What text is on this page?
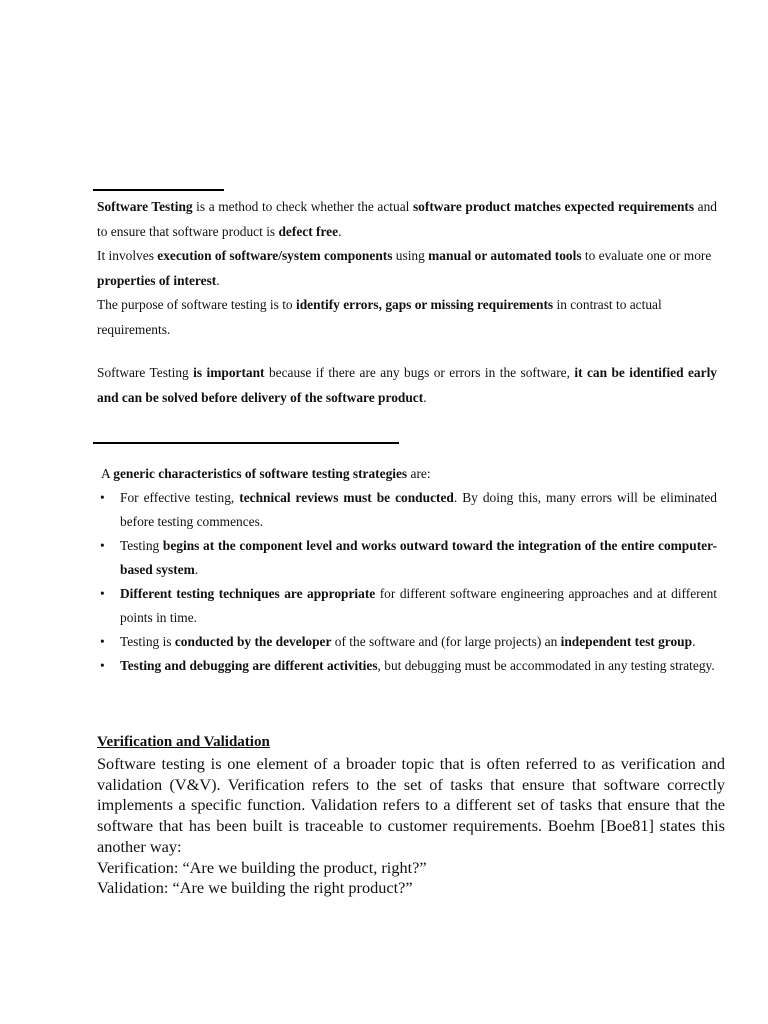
Software Testing is a method to check whether the actual software product matches expected requirements and to ensure that software product is defect free.

It involves execution of software/system components using manual or automated tools to evaluate one or more properties of interest.

The purpose of software testing is to identify errors, gaps or missing requirements in contrast to actual requirements.

Software Testing is important because if there are any bugs or errors in the software, it can be identified early and can be solved before delivery of the software product.

A generic characteristics of software testing strategies are:

• For effective testing, technical reviews must be conducted. By doing this, many errors will be eliminated before testing commences.
• Testing begins at the component level and works outward toward the integration of the entire computer-based system.
• Different testing techniques are appropriate for different software engineering approaches and at different points in time.
• Testing is conducted by the developer of the software and (for large projects) an independent test group.
• Testing and debugging are different activities, but debugging must be accommodated in any testing strategy.
Verification and Validation

Software testing is one element of a broader topic that is often referred to as verification and validation (V&V). Verification refers to the set of tasks that ensure that software correctly implements a specific function. Validation refers to a different set of tasks that ensure that the software that has been built is traceable to customer requirements. Boehm [Boe81] states this another way:

Verification: “Are we building the product, right?”

Validation: “Are we building the right product?”
